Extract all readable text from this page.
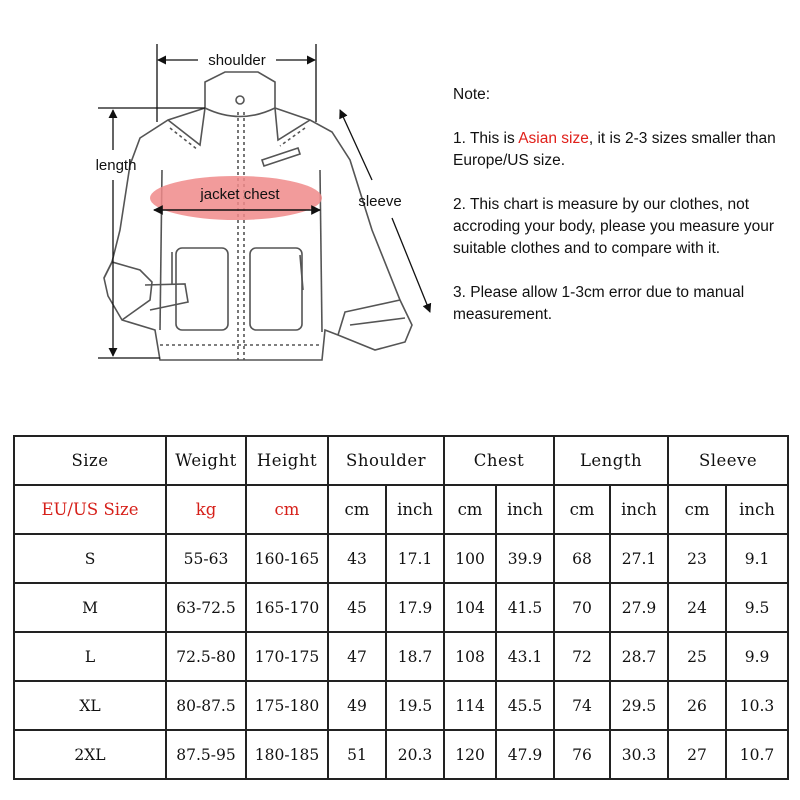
shoulder
length
jacket chest	sleeve

Note:

1. This is Asian size, it is 2-3 sizes smaller than Europe/US size.

2. This chart is measure by our clothes, not accroding your body, please you measure your suitable clothes and to compare with it.

3. Please allow 1-3cm error due to manual measurement.

Size	Weight	Height	Shoulder		Chest		Length		Sleeve	
EU/US Size	kg	cm	cm	inch	cm	inch	cm	inch	cm	inch
S	55-63	160-165	43	17.1	100	39.9	68	27.1	23	9.1
M	63-72.5	165-170	45	17.9	104	41.5	70	27.9	24	9.5
L	72.5-80	170-175	47	18.7	108	43.1	72	28.7	25	9.9
XL	80-87.5	175-180	49	19.5	114	45.5	74	29.5	26	10.3
2XL	87.5-95	180-185	51	20.3	120	47.9	76	30.3	27	10.7
